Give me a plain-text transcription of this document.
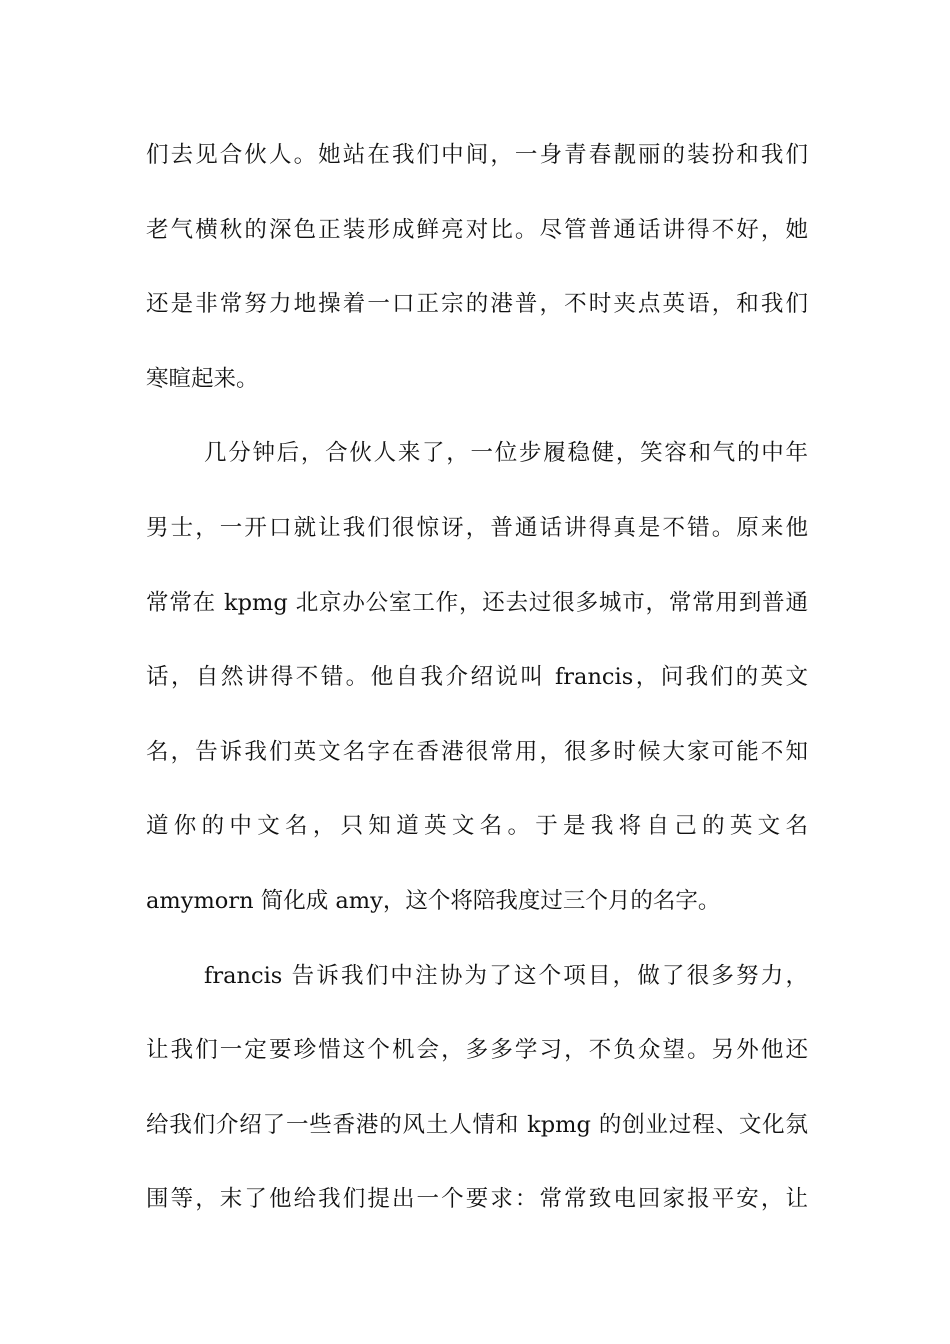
们去见合伙人。她站在我们中间，一身青春靓丽的装扮和我们
老气横秋的深色正装形成鲜亮对比。尽管普通话讲得不好，她
还是非常努力地操着一口正宗的港普，不时夹点英语，和我们
寒暄起来。
几分钟后，合伙人来了，一位步履稳健，笑容和气的中年
男士，一开口就让我们很惊讶，普通话讲得真是不错。原来他
常常在 kpmg 北京办公室工作，还去过很多城市，常常用到普通
话，自然讲得不错。他自我介绍说叫 francis，问我们的英文
名，告诉我们英文名字在香港很常用，很多时候大家可能不知
道你的中文名，只知道英文名。于是我将自己的英文名
amymorn 简化成 amy，这个将陪我度过三个月的名字。
francis 告诉我们中注协为了这个项目，做了很多努力，
让我们一定要珍惜这个机会，多多学习，不负众望。另外他还
给我们介绍了一些香港的风土人情和 kpmg 的创业过程、文化氛
围等，末了他给我们提出一个要求：常常致电回家报平安，让
